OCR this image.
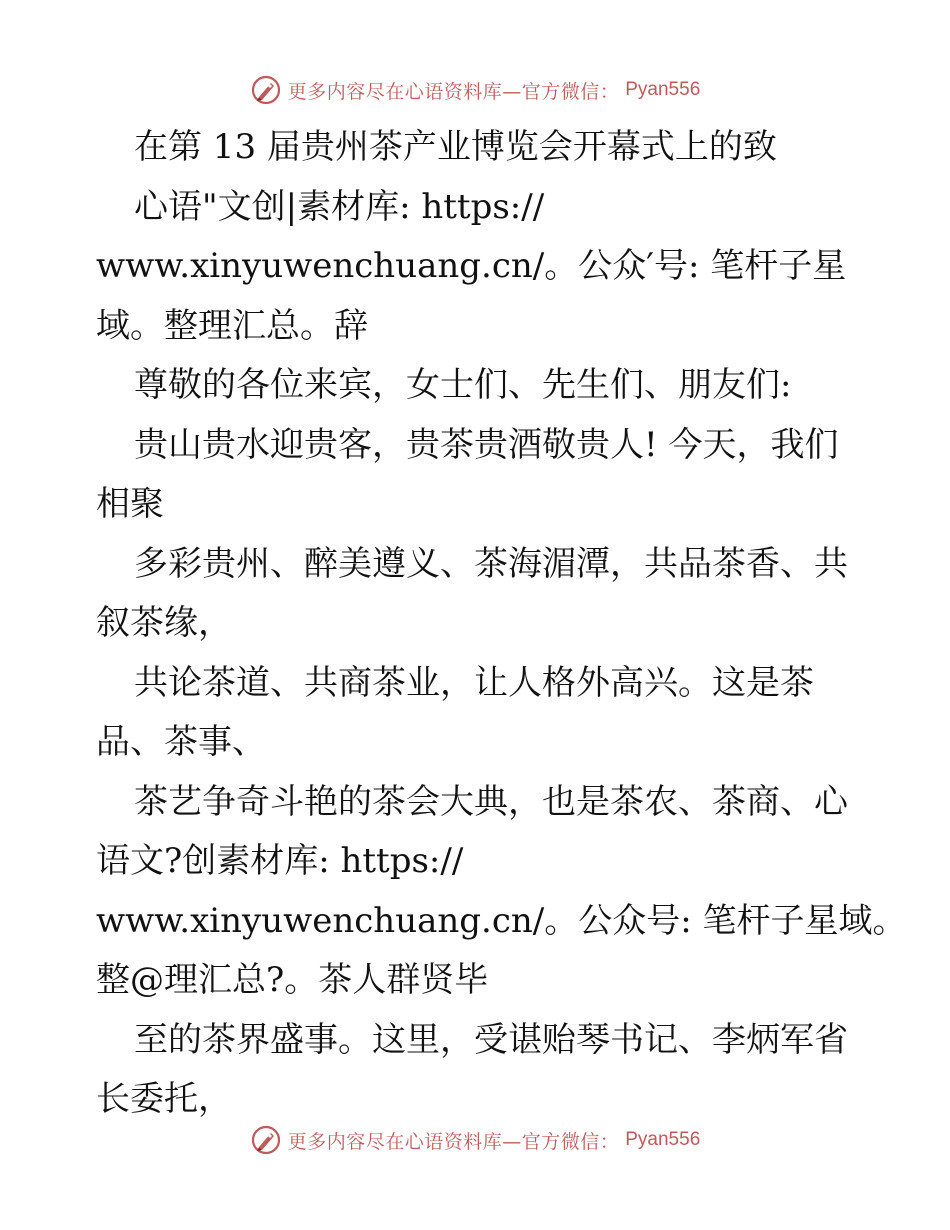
更多内容尽在心语资料库—官方微信： Pyan556
在第 13 届贵州茶产业博览会开幕式上的致
心语"文创|素材库: https://
www.xinyuwenchuang.cn/。公众′号: 笔杆子星
域。整理汇总。辞
尊敬的各位来宾，女士们、先生们、朋友们:
贵山贵水迎贵客，贵茶贵酒敬贵人! 今天，我们
相聚
多彩贵州、醉美遵义、茶海湄潭，共品茶香、共
叙茶缘，
共论茶道、共商茶业，让人格外高兴。这是茶
品、茶事、
茶艺争奇斗艳的茶会大典，也是茶农、茶商、心
语文?创素材库: https://
www.xinyuwenchuang.cn/。公众号: 笔杆子星域。
整@理汇总?。茶人群贤毕
至的茶界盛事。这里，受谌贻琴书记、李炳军省
长委托，
更多内容尽在心语资料库—官方微信： Pyan556
